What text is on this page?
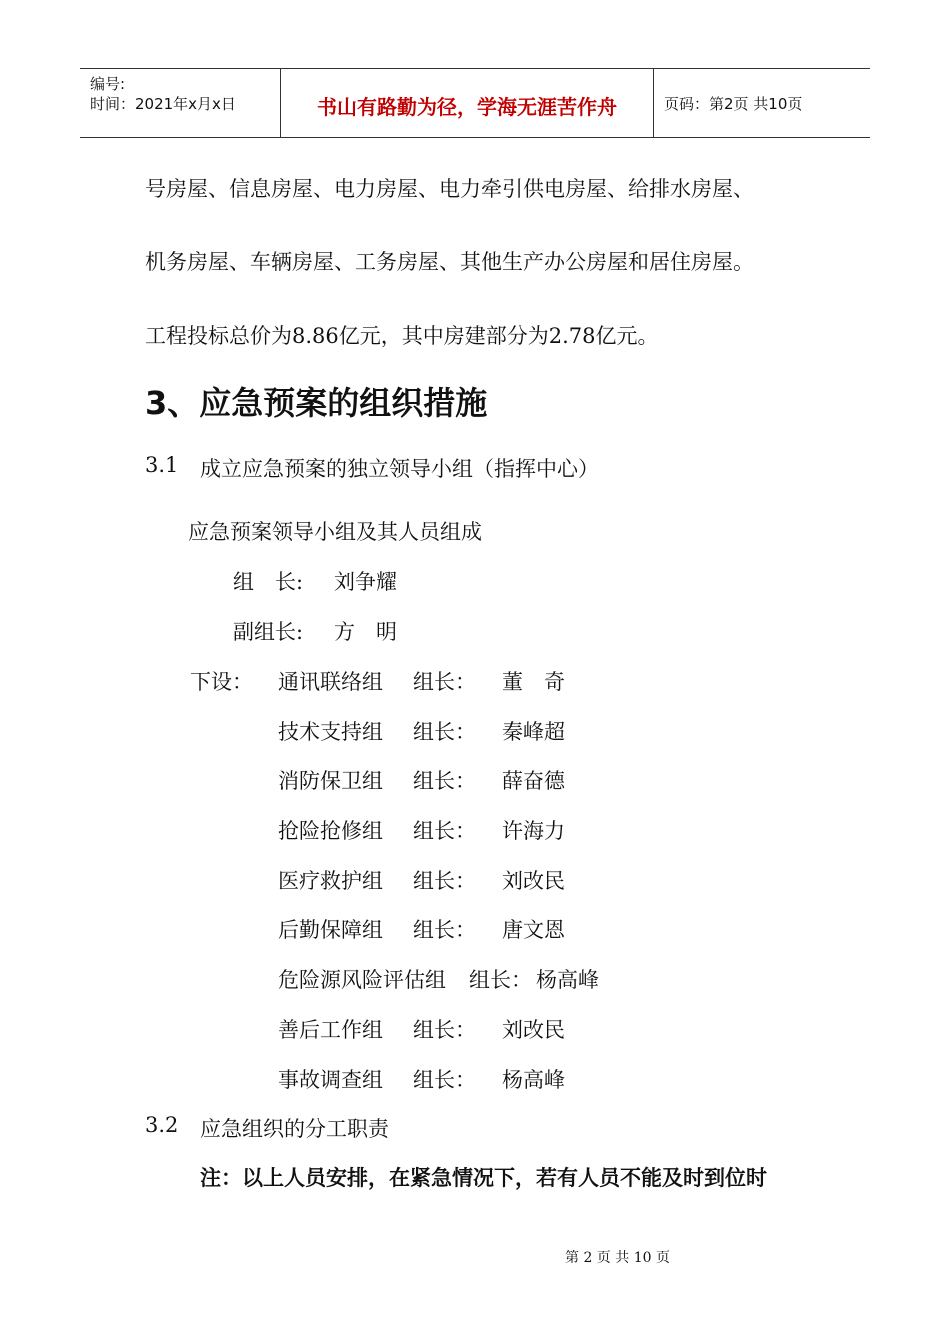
编号:
时间：2021年x月x日	书山有路勤为径，学海无涯苦作舟	页码：第2页 共10页
号房屋、信息房屋、电力房屋、电力牵引供电房屋、给排水房屋、
机务房屋、车辆房屋、工务房屋、其他生产办公房屋和居住房屋。
工程投标总价为8.86亿元，其中房建部分为2.78亿元。
3、应急预案的组织措施
3.1 成立应急预案的独立领导小组（指挥中心）
应急预案领导小组及其人员组成
组　长: 刘争耀
副组长: 方　明
下设： 通讯联络组 组长： 董　奇
技术支持组 组长： 秦峰超
消防保卫组 组长： 薛奋德
抢险抢修组 组长： 许海力
医疗救护组 组长： 刘改民
后勤保障组 组长： 唐文恩
危险源风险评估组 组长： 杨高峰
善后工作组 组长： 刘改民
事故调查组 组长： 杨高峰
3.2 应急组织的分工职责
注：以上人员安排，在紧急情况下，若有人员不能及时到位时
第 2 页 共 10 页
